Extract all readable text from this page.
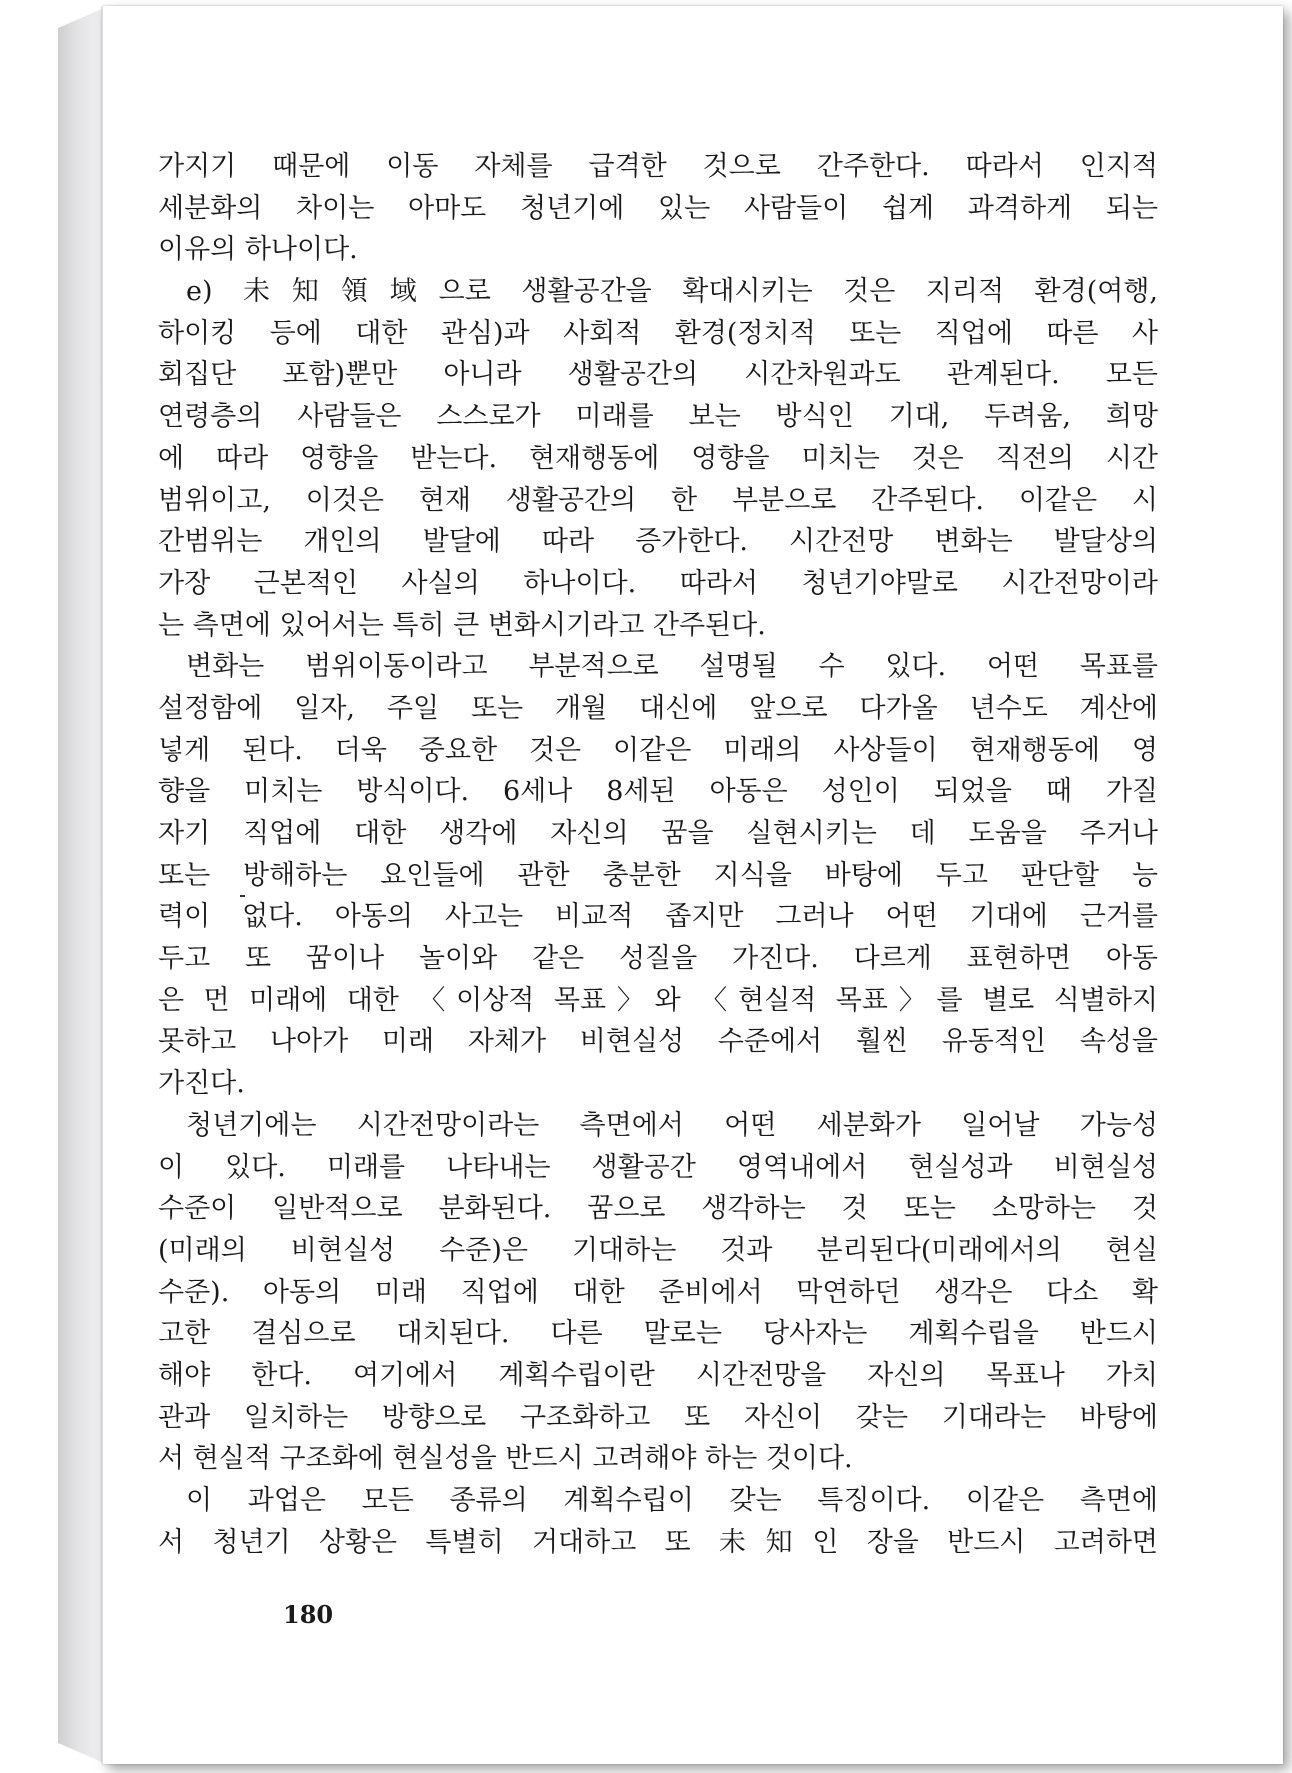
가지기 때문에 이동 자체를 급격한 것으로 간주한다. 따라서 인지적
세분화의 차이는 아마도 청년기에 있는 사람들이 쉽게 과격하게 되는
이유의 하나이다.
e) 未知領域으로 생활공간을 확대시키는 것은 지리적 환경(여행,
하이킹 등에 대한 관심)과 사회적 환경(정치적 또는 직업에 따른 사
회집단 포함)뿐만 아니라 생활공간의 시간차원과도 관계된다. 모든
연령층의 사람들은 스스로가 미래를 보는 방식인 기대, 두려움, 희망
에 따라 영향을 받는다. 현재행동에 영향을 미치는 것은 직전의 시간
범위이고, 이것은 현재 생활공간의 한 부분으로 간주된다. 이같은 시
간범위는 개인의 발달에 따라 증가한다. 시간전망 변화는 발달상의
가장 근본적인 사실의 하나이다. 따라서 청년기야말로 시간전망이라
는 측면에 있어서는 특히 큰 변화시기라고 간주된다.
변화는 범위이동이라고 부분적으로 설명될 수 있다. 어떤 목표를
설정함에 일자, 주일 또는 개월 대신에 앞으로 다가올 년수도 계산에
넣게 된다. 더욱 중요한 것은 이같은 미래의 사상들이 현재행동에 영
향을 미치는 방식이다. 6세나 8세된 아동은 성인이 되었을 때 가질
자기 직업에 대한 생각에 자신의 꿈을 실현시키는 데 도움을 주거나
또는 방해하는 요인들에 관한 충분한 지식을 바탕에 두고 판단할 능
력이 없다. 아동의 사고는 비교적 좁지만 그러나 어떤 기대에 근거를
두고 또 꿈이나 놀이와 같은 성질을 가진다. 다르게 표현하면 아동
은 먼 미래에 대한 〈이상적 목표〉와 〈현실적 목표〉를 별로 식별하지
못하고 나아가 미래 자체가 비현실성 수준에서 훨씬 유동적인 속성을
가진다.
청년기에는 시간전망이라는 측면에서 어떤 세분화가 일어날 가능성
이 있다. 미래를 나타내는 생활공간 영역내에서 현실성과 비현실성
수준이 일반적으로 분화된다. 꿈으로 생각하는 것 또는 소망하는 것
(미래의 비현실성 수준)은 기대하는 것과 분리된다(미래에서의 현실
수준). 아동의 미래 직업에 대한 준비에서 막연하던 생각은 다소 확
고한 결심으로 대치된다. 다른 말로는 당사자는 계획수립을 반드시
해야 한다. 여기에서 계획수립이란 시간전망을 자신의 목표나 가치
관과 일치하는 방향으로 구조화하고 또 자신이 갖는 기대라는 바탕에
서 현실적 구조화에 현실성을 반드시 고려해야 하는 것이다.
이 과업은 모든 종류의 계획수립이 갖는 특징이다. 이같은 측면에
서 청년기 상황은 특별히 거대하고 또 未知인 장을 반드시 고려하면
180
